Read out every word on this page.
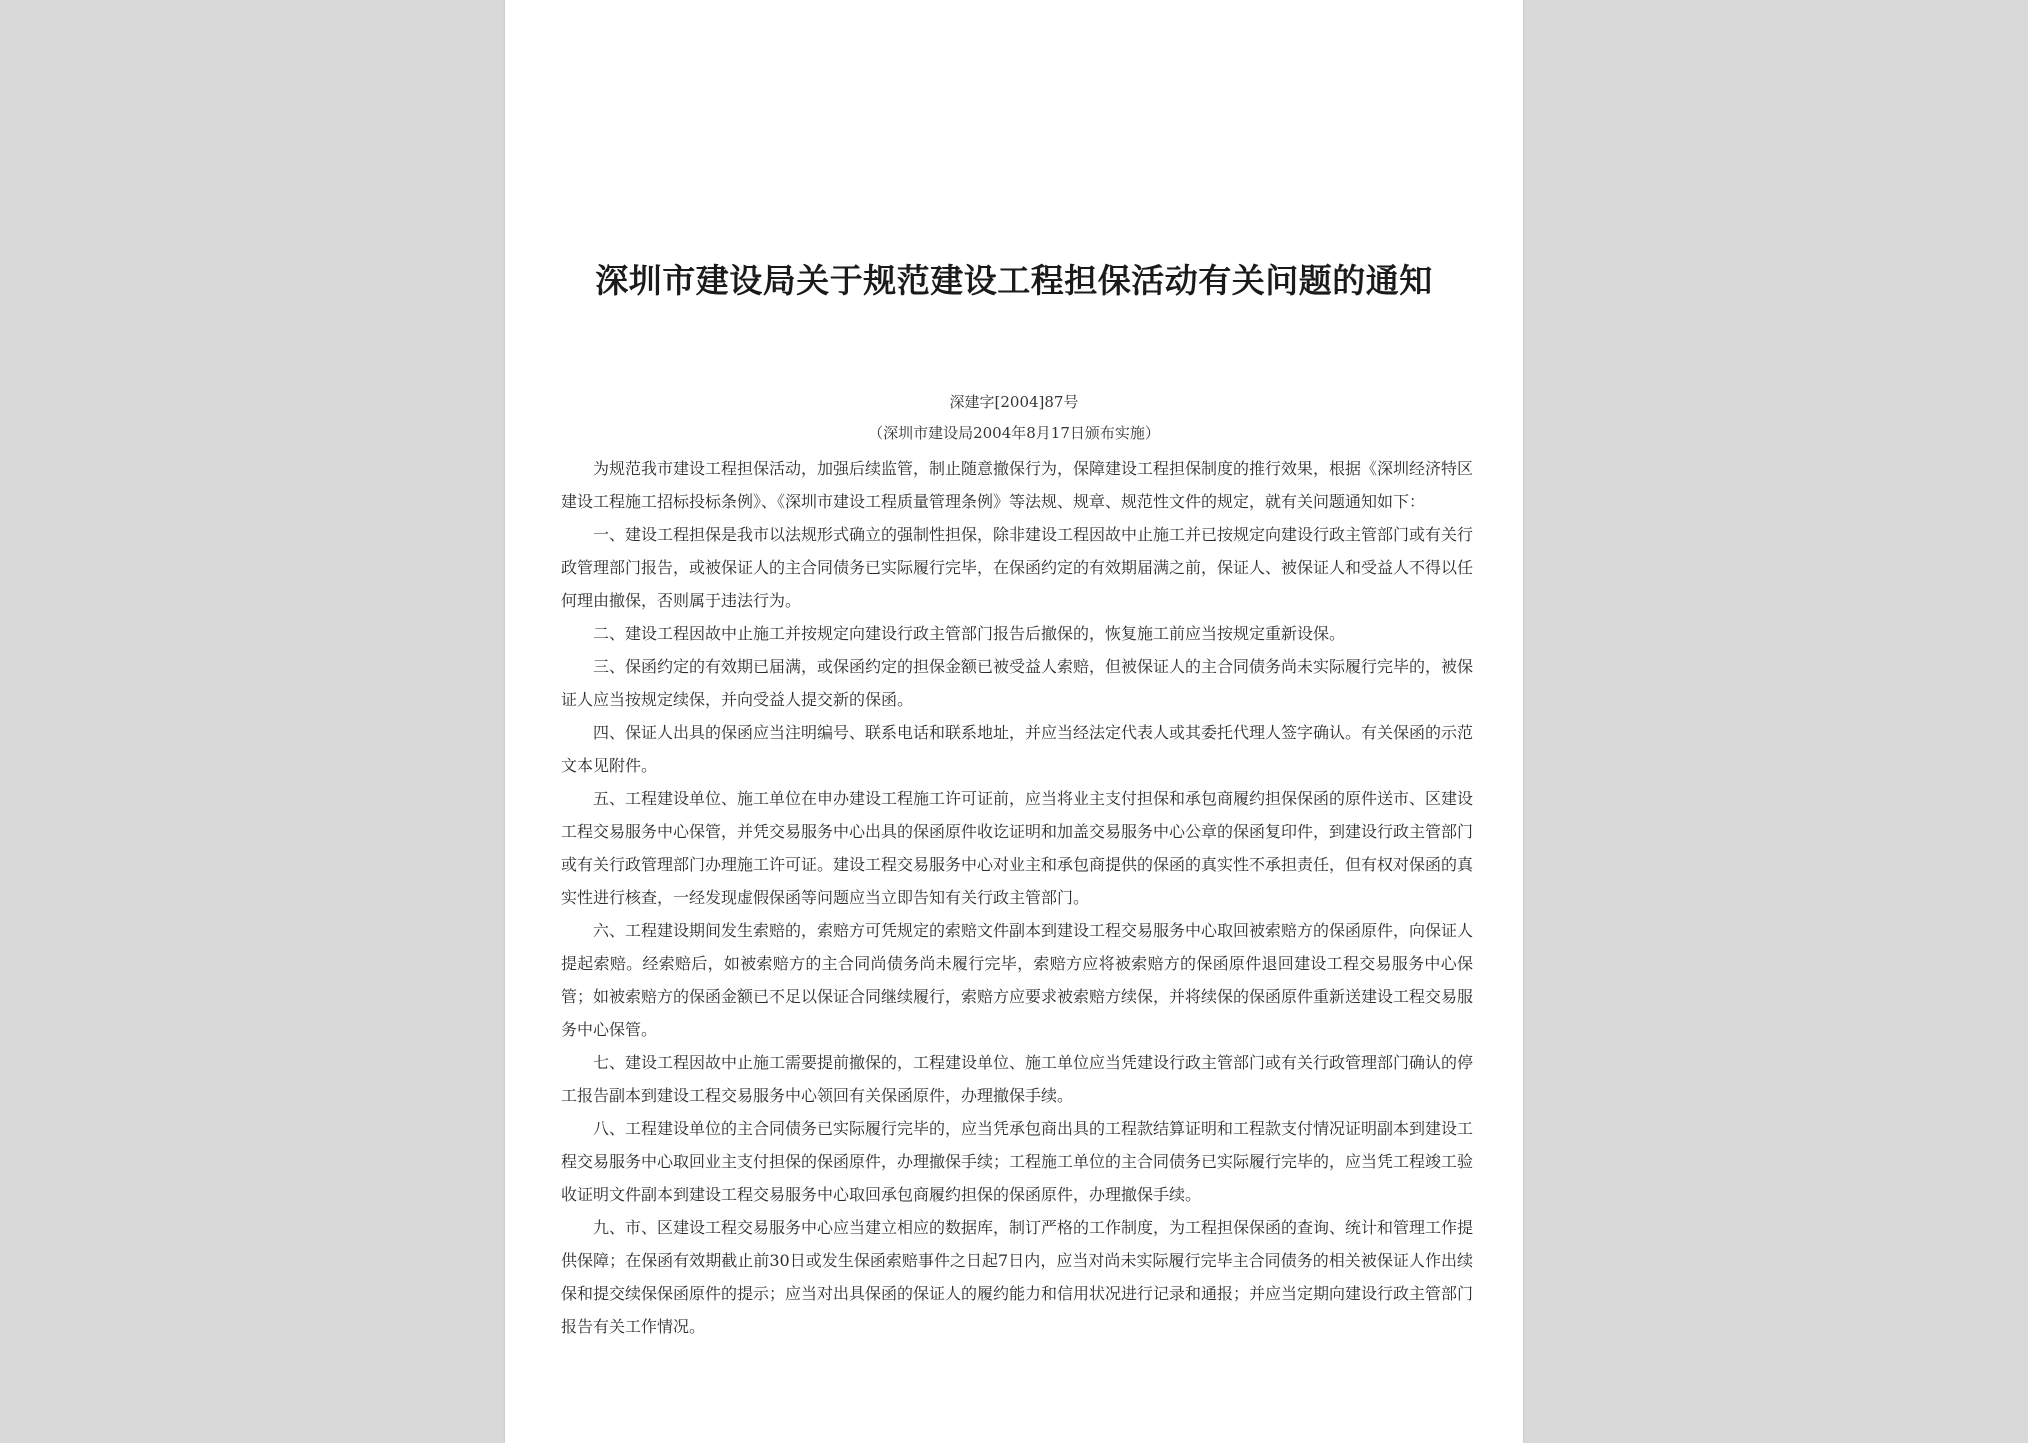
深圳市建设局关于规范建设工程担保活动有关问题的通知
深建字[2004]87号
（深圳市建设局2004年8月17日颁布实施）

为规范我市建设工程担保活动，加强后续监管，制止随意撤保行为，保障建设工程担保制度的推行效果，根据《深圳经济特区建设工程施工招标投标条例》、《深圳市建设工程质量管理条例》等法规、规章、规范性文件的规定，就有关问题通知如下：

一、建设工程担保是我市以法规形式确立的强制性担保，除非建设工程因故中止施工并已按规定向建设行政主管部门或有关行政管理部门报告，或被保证人的主合同债务已实际履行完毕，在保函约定的有效期届满之前，保证人、被保证人和受益人不得以任何理由撤保，否则属于违法行为。

二、建设工程因故中止施工并按规定向建设行政主管部门报告后撤保的，恢复施工前应当按规定重新设保。

三、保函约定的有效期已届满，或保函约定的担保金额已被受益人索赔，但被保证人的主合同债务尚未实际履行完毕的，被保证人应当按规定续保，并向受益人提交新的保函。

四、保证人出具的保函应当注明编号、联系电话和联系地址，并应当经法定代表人或其委托代理人签字确认。有关保函的示范文本见附件。

五、工程建设单位、施工单位在申办建设工程施工许可证前，应当将业主支付担保和承包商履约担保保函的原件送市、区建设工程交易服务中心保管，并凭交易服务中心出具的保函原件收讫证明和加盖交易服务中心公章的保函复印件，到建设行政主管部门或有关行政管理部门办理施工许可证。建设工程交易服务中心对业主和承包商提供的保函的真实性不承担责任，但有权对保函的真实性进行核查，一经发现虚假保函等问题应当立即告知有关行政主管部门。

六、工程建设期间发生索赔的，索赔方可凭规定的索赔文件副本到建设工程交易服务中心取回被索赔方的保函原件，向保证人提起索赔。经索赔后，如被索赔方的主合同尚债务尚未履行完毕，索赔方应将被索赔方的保函原件退回建设工程交易服务中心保管；如被索赔方的保函金额已不足以保证合同继续履行，索赔方应要求被索赔方续保，并将续保的保函原件重新送建设工程交易服务中心保管。

七、建设工程因故中止施工需要提前撤保的，工程建设单位、施工单位应当凭建设行政主管部门或有关行政管理部门确认的停工报告副本到建设工程交易服务中心领回有关保函原件，办理撤保手续。

八、工程建设单位的主合同债务已实际履行完毕的，应当凭承包商出具的工程款结算证明和工程款支付情况证明副本到建设工程交易服务中心取回业主支付担保的保函原件，办理撤保手续；工程施工单位的主合同债务已实际履行完毕的，应当凭工程竣工验收证明文件副本到建设工程交易服务中心取回承包商履约担保的保函原件，办理撤保手续。

九、市、区建设工程交易服务中心应当建立相应的数据库，制订严格的工作制度，为工程担保保函的查询、统计和管理工作提供保障；在保函有效期截止前30日或发生保函索赔事件之日起7日内，应当对尚未实际履行完毕主合同债务的相关被保证人作出续保和提交续保保函原件的提示；应当对出具保函的保证人的履约能力和信用状况进行记录和通报；并应当定期向建设行政主管部门报告有关工作情况。
